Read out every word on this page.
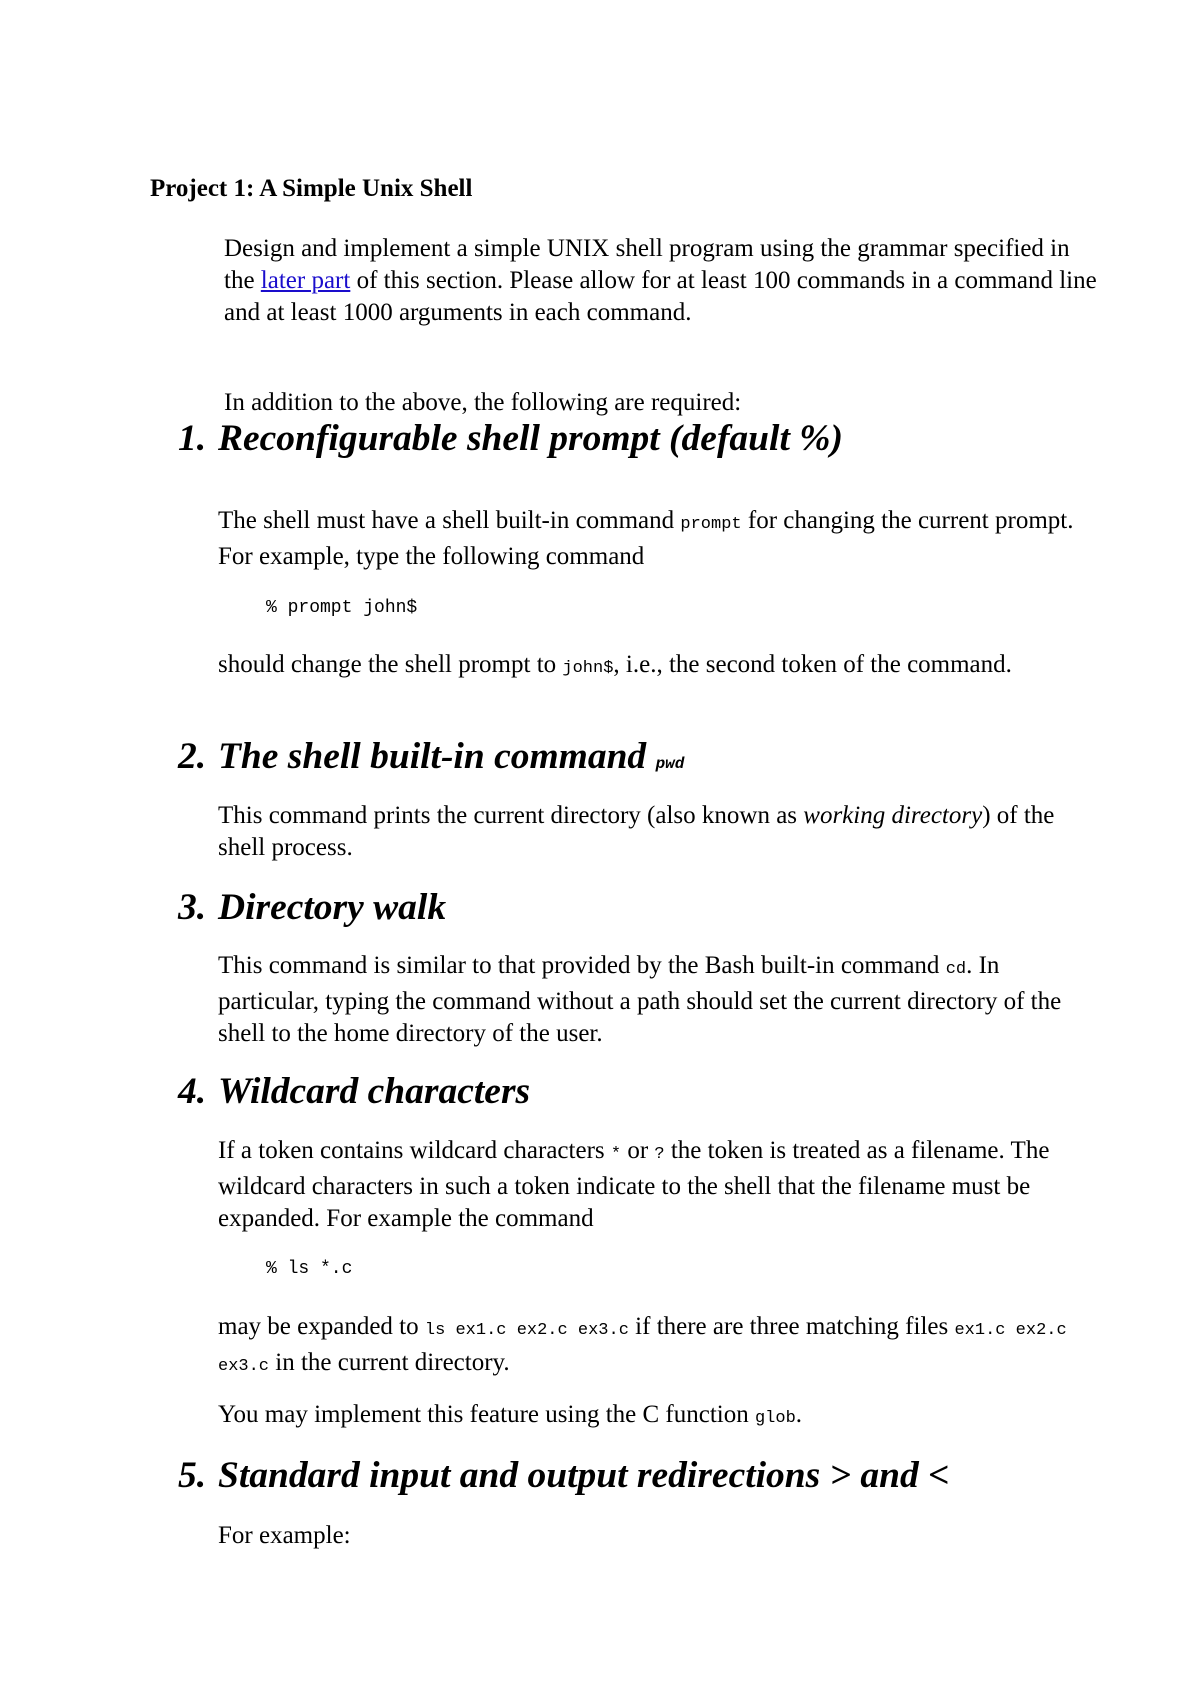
Project 1: A Simple Unix Shell

Design and implement a simple UNIX shell program using the grammar specified in the later part of this section. Please allow for at least 100 commands in a command line and at least 1000 arguments in each command.

In addition to the above, the following are required:

1. Reconfigurable shell prompt (default %)

The shell must have a shell built-in command prompt for changing the current prompt. For example, type the following command

% prompt john$

should change the shell prompt to john$, i.e., the second token of the command.

2. The shell built-in command pwd

This command prints the current directory (also known as working directory) of the shell process.

3. Directory walk

This command is similar to that provided by the Bash built-in command cd. In particular, typing the command without a path should set the current directory of the shell to the home directory of the user.

4. Wildcard characters

If a token contains wildcard characters * or ? the token is treated as a filename. The wildcard characters in such a token indicate to the shell that the filename must be expanded. For example the command

% ls *.c

may be expanded to ls ex1.c ex2.c ex3.c if there are three matching files ex1.c ex2.c ex3.c in the current directory.

You may implement this feature using the C function glob.

5. Standard input and output redirections > and <

For example:
